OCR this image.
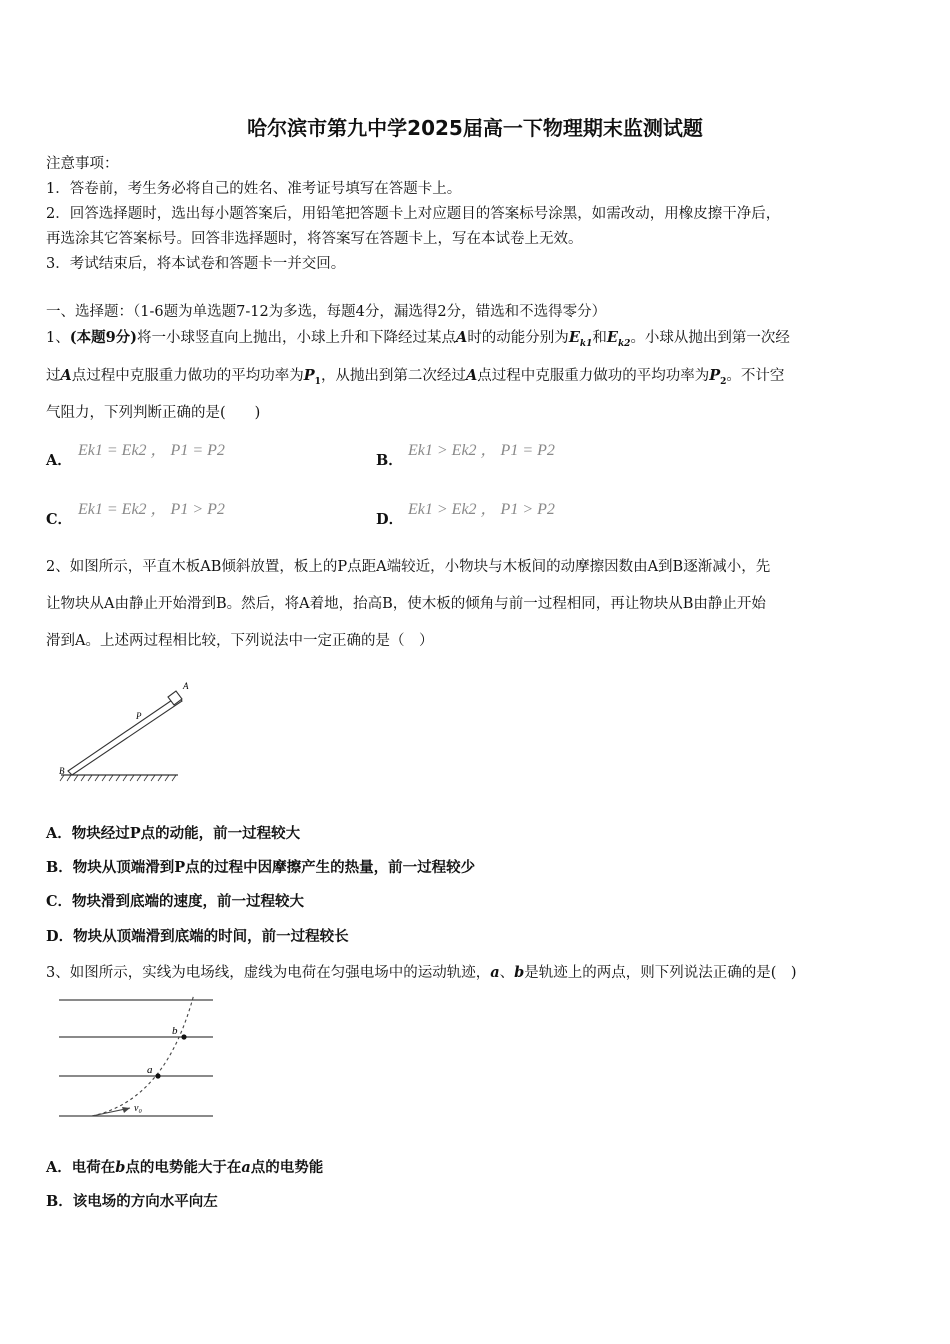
哈尔滨市第九中学2025届高一下物理期末监测试题
注意事项：
1．答卷前，考生务必将自己的姓名、准考证号填写在答题卡上。
2．回答选择题时，选出每小题答案后，用铅笔把答题卡上对应题目的答案标号涂黑，如需改动，用橡皮擦干净后，
再选涂其它答案标号。回答非选择题时，将答案写在答题卡上，写在本试卷上无效。
3．考试结束后，将本试卷和答题卡一并交回。
一、选择题：（1-6题为单选题7-12为多选，每题4分，漏选得2分，错选和不选得零分）
1、(本题9分)将一小球竖直向上抛出，小球上升和下降经过某点A时的动能分别为$E_{k1}$和$E_{k2}$。小球从抛出到第一次经
过A点过程中克服重力做功的平均功率为$P_1$，从抛出到第二次经过A点过程中克服重力做功的平均功率为$P_2$。不计空
气阻力，下列判断正确的是(　　)
A．
Ek1 = Ek2 ， P1 = P2
B．
Ek1 > Ek2 ， P1 = P2
C．
Ek1 = Ek2 ， P1 > P2
D．
Ek1 > Ek2 ， P1 > P2
2、如图所示，平直木板AB倾斜放置，板上的P点距A端较近，小物块与木板间的动摩擦因数由A到B逐渐减小，先
让物块从A由静止开始滑到B。然后，将A着地，抬高B，使木板的倾角与前一过程相同，再让物块从B由静止开始
滑到A。上述两过程相比较，下列说法中一定正确的是（　）
A
B
P
A．物块经过P点的动能，前一过程较大
B．物块从顶端滑到P点的过程中因摩擦产生的热量，前一过程较少
C．物块滑到底端的速度，前一过程较大
D．物块从顶端滑到底端的时间，前一过程较长
3、如图所示，实线为电场线，虚线为电荷在匀强电场中的运动轨迹，a、b是轨迹上的两点，则下列说法正确的是(　)
b
a
v₀
A．电荷在b点的电势能大于在a点的电势能
B．该电场的方向水平向左
